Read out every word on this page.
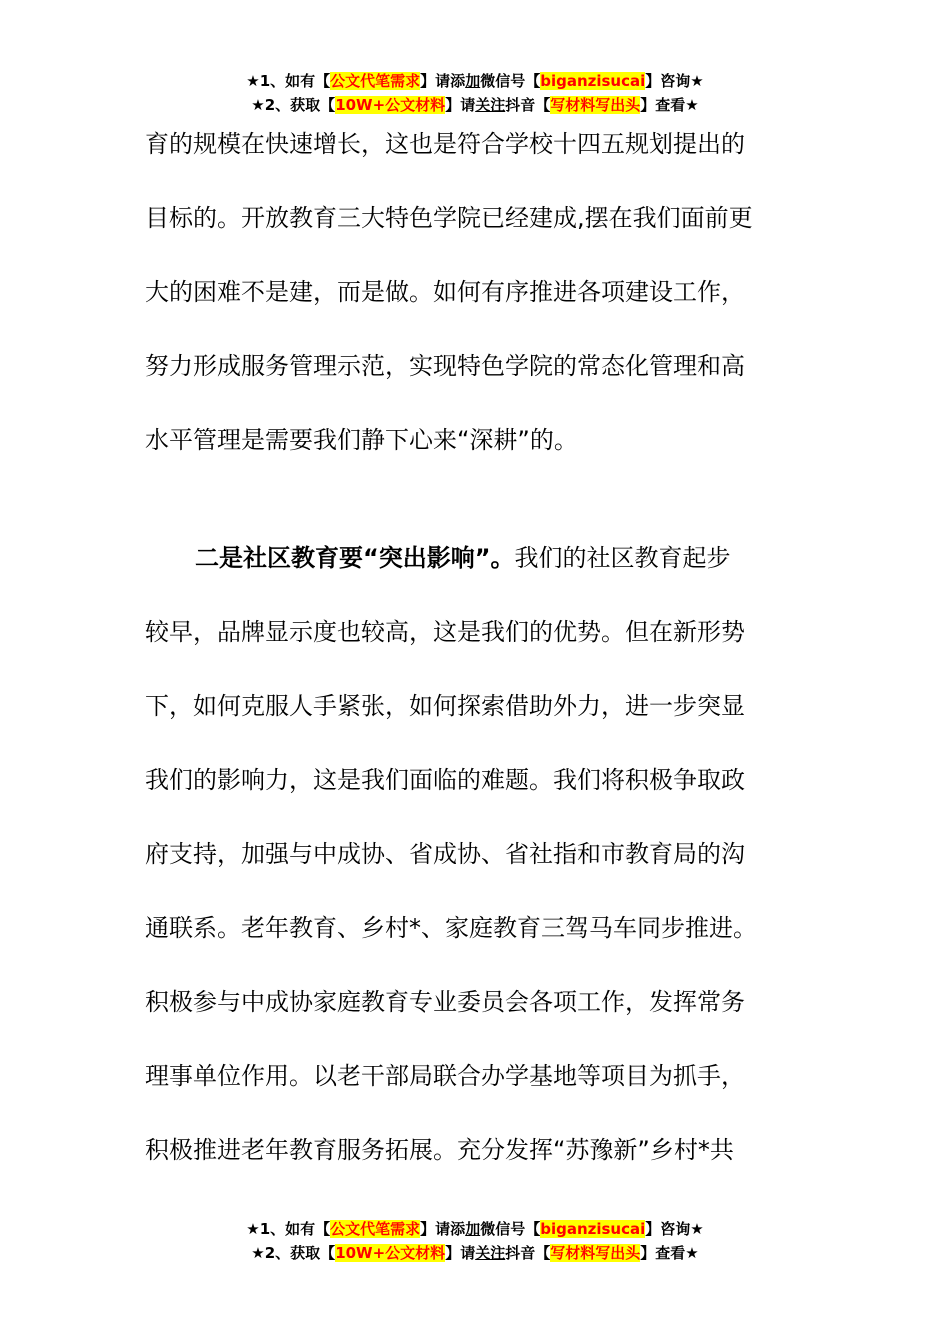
★1、如有【公文代笔需求】请添加微信号【biganzisucai】咨询★
★2、获取【10W+公文材料】请关注抖音【写材料写出头】查看★
育的规模在快速增长，这也是符合学校十四五规划提出的
目标的。开放教育三大特色学院已经建成,摆在我们面前更
大的困难不是建，而是做。如何有序推进各项建设工作，
努力形成服务管理示范，实现特色学院的常态化管理和高
水平管理是需要我们静下心来“深耕”的。
二是社区教育要“突出影响”。我们的社区教育起步
较早，品牌显示度也较高，这是我们的优势。但在新形势
下，如何克服人手紧张，如何探索借助外力，进一步突显
我们的影响力，这是我们面临的难题。我们将积极争取政
府支持，加强与中成协、省成协、省社指和市教育局的沟
通联系。老年教育、乡村*、家庭教育三驾马车同步推进。
积极参与中成协家庭教育专业委员会各项工作，发挥常务
理事单位作用。以老干部局联合办学基地等项目为抓手，
积极推进老年教育服务拓展。充分发挥“苏豫新”乡村*共
★1、如有【公文代笔需求】请添加微信号【biganzisucai】咨询★
★2、获取【10W+公文材料】请关注抖音【写材料写出头】查看★
